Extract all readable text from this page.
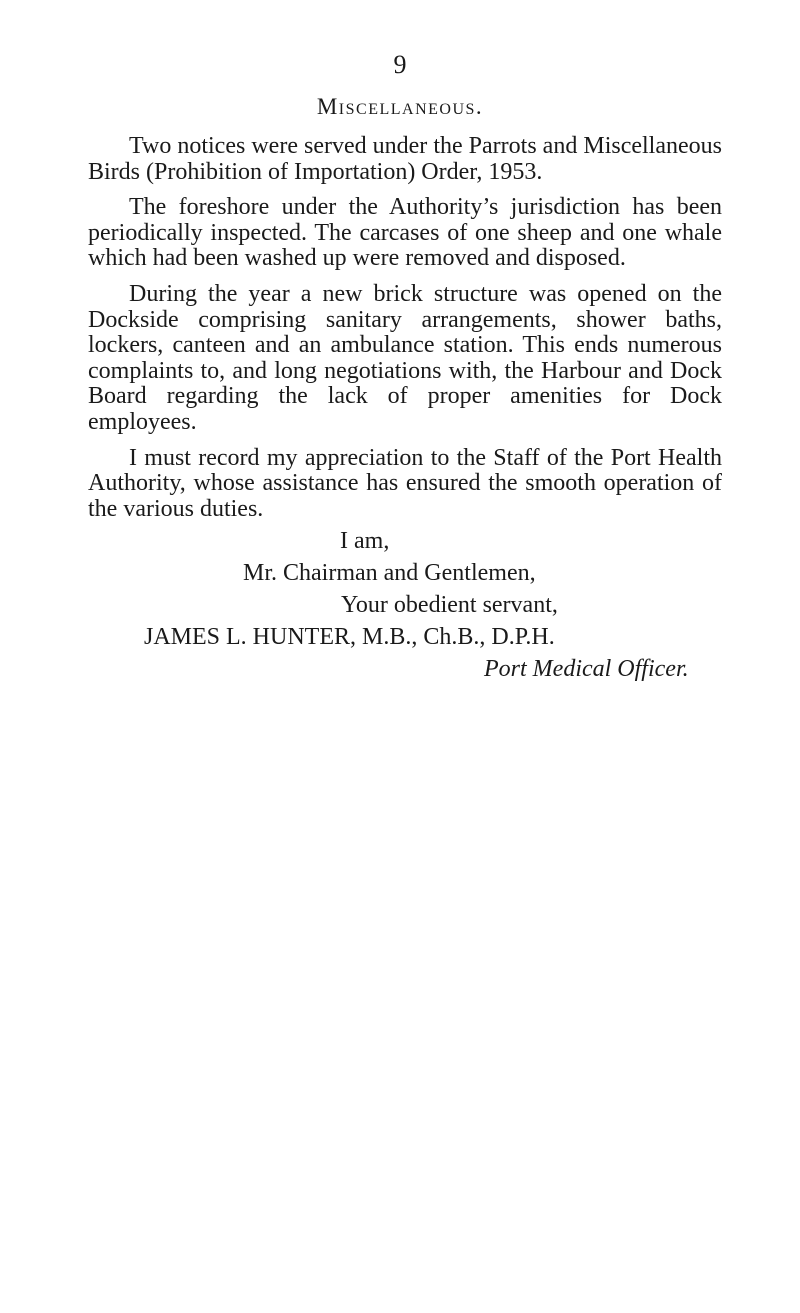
9
Miscellaneous.

Two notices were served under the Parrots and Miscellaneous Birds (Prohibition of Importation) Order, 1953.

The foreshore under the Authority’s jurisdiction has been periodically inspected. The carcases of one sheep and one whale which had been washed up were removed and disposed.

During the year a new brick structure was opened on the Dockside comprising sanitary arrangements, shower baths, lockers, canteen and an ambulance station. This ends numerous complaints to, and long negotiations with, the Harbour and Dock Board regarding the lack of proper amenities for Dock employees.

I must record my appreciation to the Staff of the Port Health Authority, whose assistance has ensured the smooth operation of the various duties.

I am,
Mr. Chairman and Gentlemen,
Your obedient servant,
JAMES L. HUNTER, M.B., Ch.B., D.P.H.
Port Medical Officer.
